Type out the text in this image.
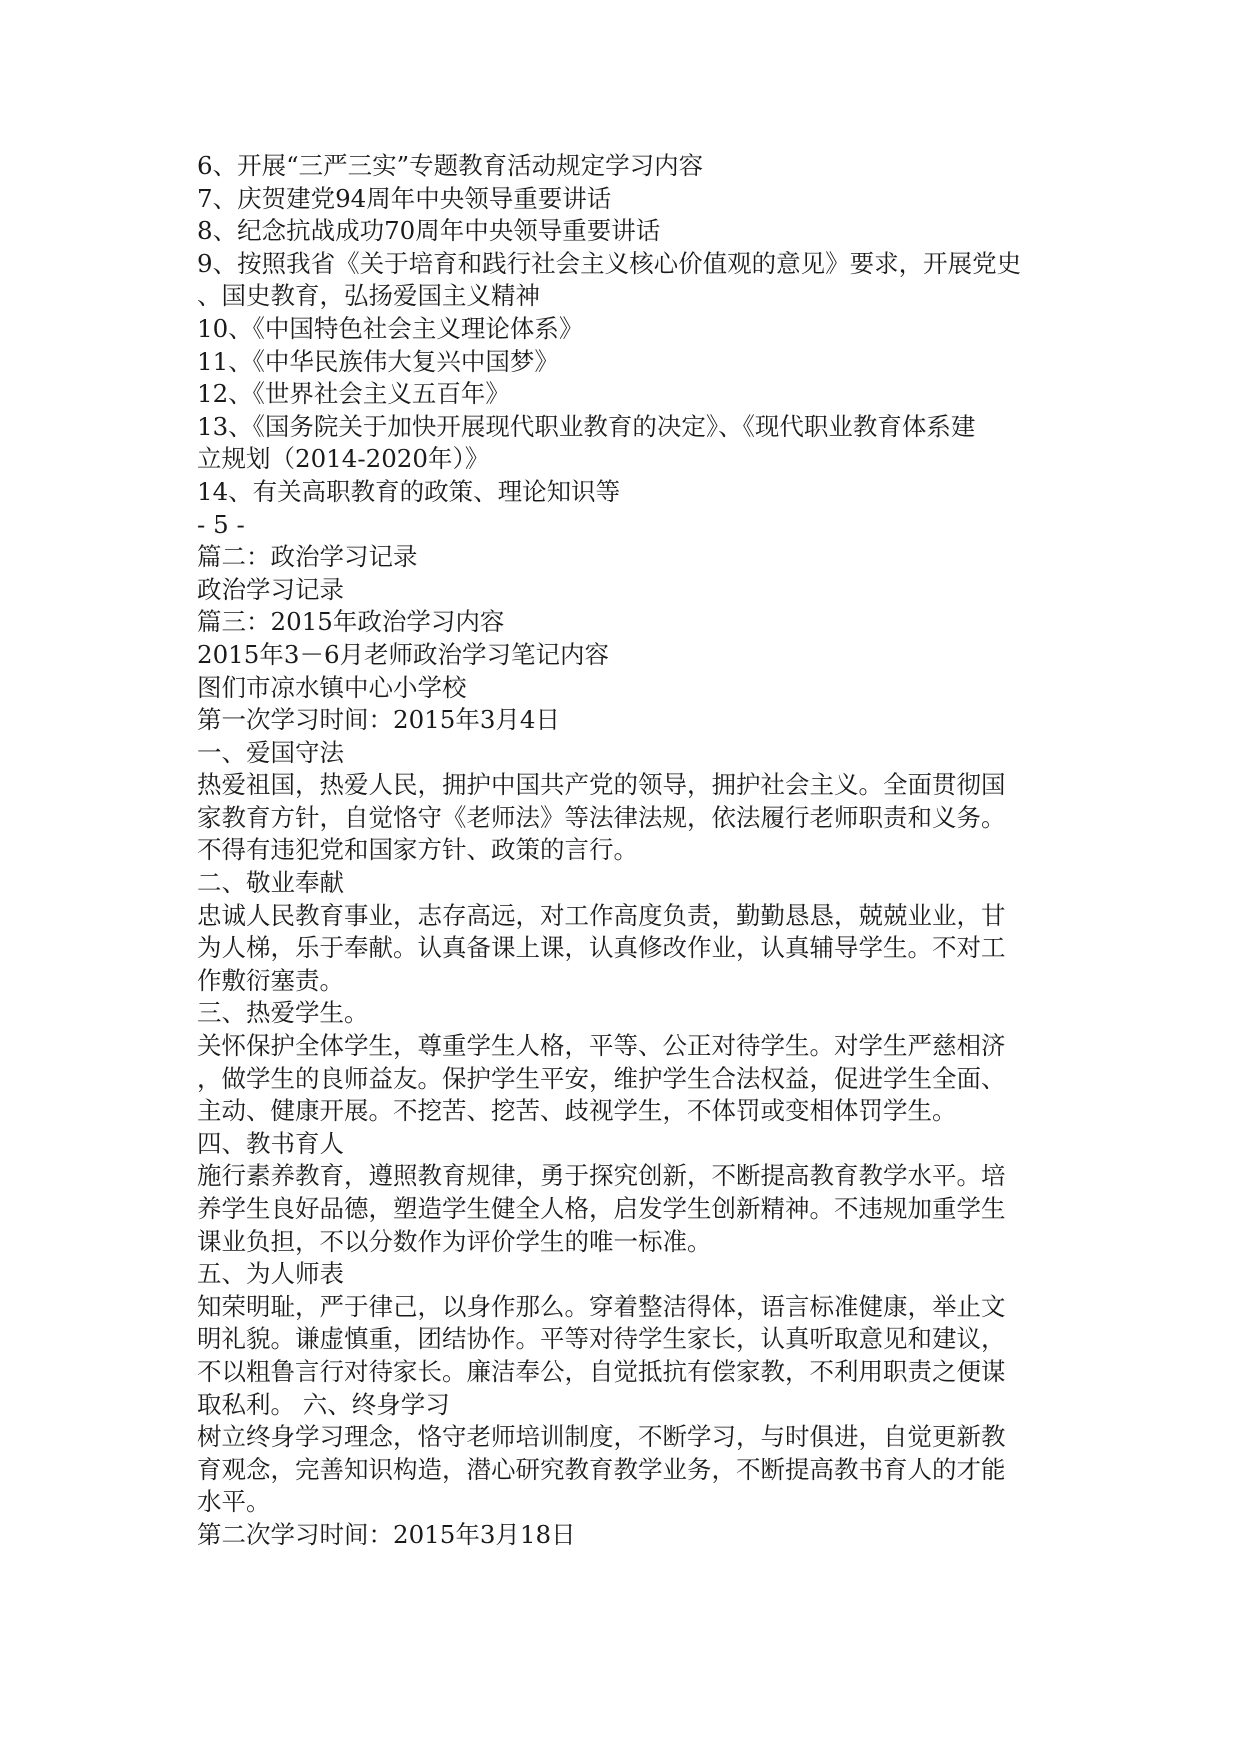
6、开展“三严三实”专题教育活动规定学习内容
7、庆贺建党94周年中央领导重要讲话
8、纪念抗战成功70周年中央领导重要讲话
9、按照我省《关于培育和践行社会主义核心价值观的意见》要求，开展党史
、国史教育，弘扬爱国主义精神
10、《中国特色社会主义理论体系》
11、《中华民族伟大复兴中国梦》
12、《世界社会主义五百年》
13、《国务院关于加快开展现代职业教育的决定》、《现代职业教育体系建
立规划（2014-2020年）》
14、有关高职教育的政策、理论知识等
- 5 -
篇二：政治学习记录
政治学习记录
篇三：2015年政治学习内容
2015年3－6月老师政治学习笔记内容
图们市凉水镇中心小学校
第一次学习时间：2015年3月4日
一、爱国守法
热爱祖国，热爱人民，拥护中国共产党的领导，拥护社会主义。全面贯彻国
家教育方针，自觉恪守《老师法》等法律法规，依法履行老师职责和义务。
不得有违犯党和国家方针、政策的言行。
二、敬业奉献
忠诚人民教育事业，志存高远，对工作高度负责，勤勤恳恳，兢兢业业，甘
为人梯，乐于奉献。认真备课上课，认真修改作业，认真辅导学生。不对工
作敷衍塞责。
三、热爱学生。
关怀保护全体学生，尊重学生人格，平等、公正对待学生。对学生严慈相济
，做学生的良师益友。保护学生平安，维护学生合法权益，促进学生全面、
主动、健康开展。不挖苦、挖苦、歧视学生，不体罚或变相体罚学生。
四、教书育人
施行素养教育，遵照教育规律，勇于探究创新，不断提高教育教学水平。培
养学生良好品德，塑造学生健全人格，启发学生创新精神。不违规加重学生
课业负担，不以分数作为评价学生的唯一标准。
五、为人师表
知荣明耻，严于律己，以身作那么。穿着整洁得体，语言标准健康，举止文
明礼貌。谦虚慎重，团结协作。平等对待学生家长，认真听取意见和建议，
不以粗鲁言行对待家长。廉洁奉公，自觉抵抗有偿家教，不利用职责之便谋
取私利。 六、终身学习
树立终身学习理念，恪守老师培训制度，不断学习，与时俱进，自觉更新教
育观念，完善知识构造，潜心研究教育教学业务，不断提高教书育人的才能
水平。
第二次学习时间：2015年3月18日
